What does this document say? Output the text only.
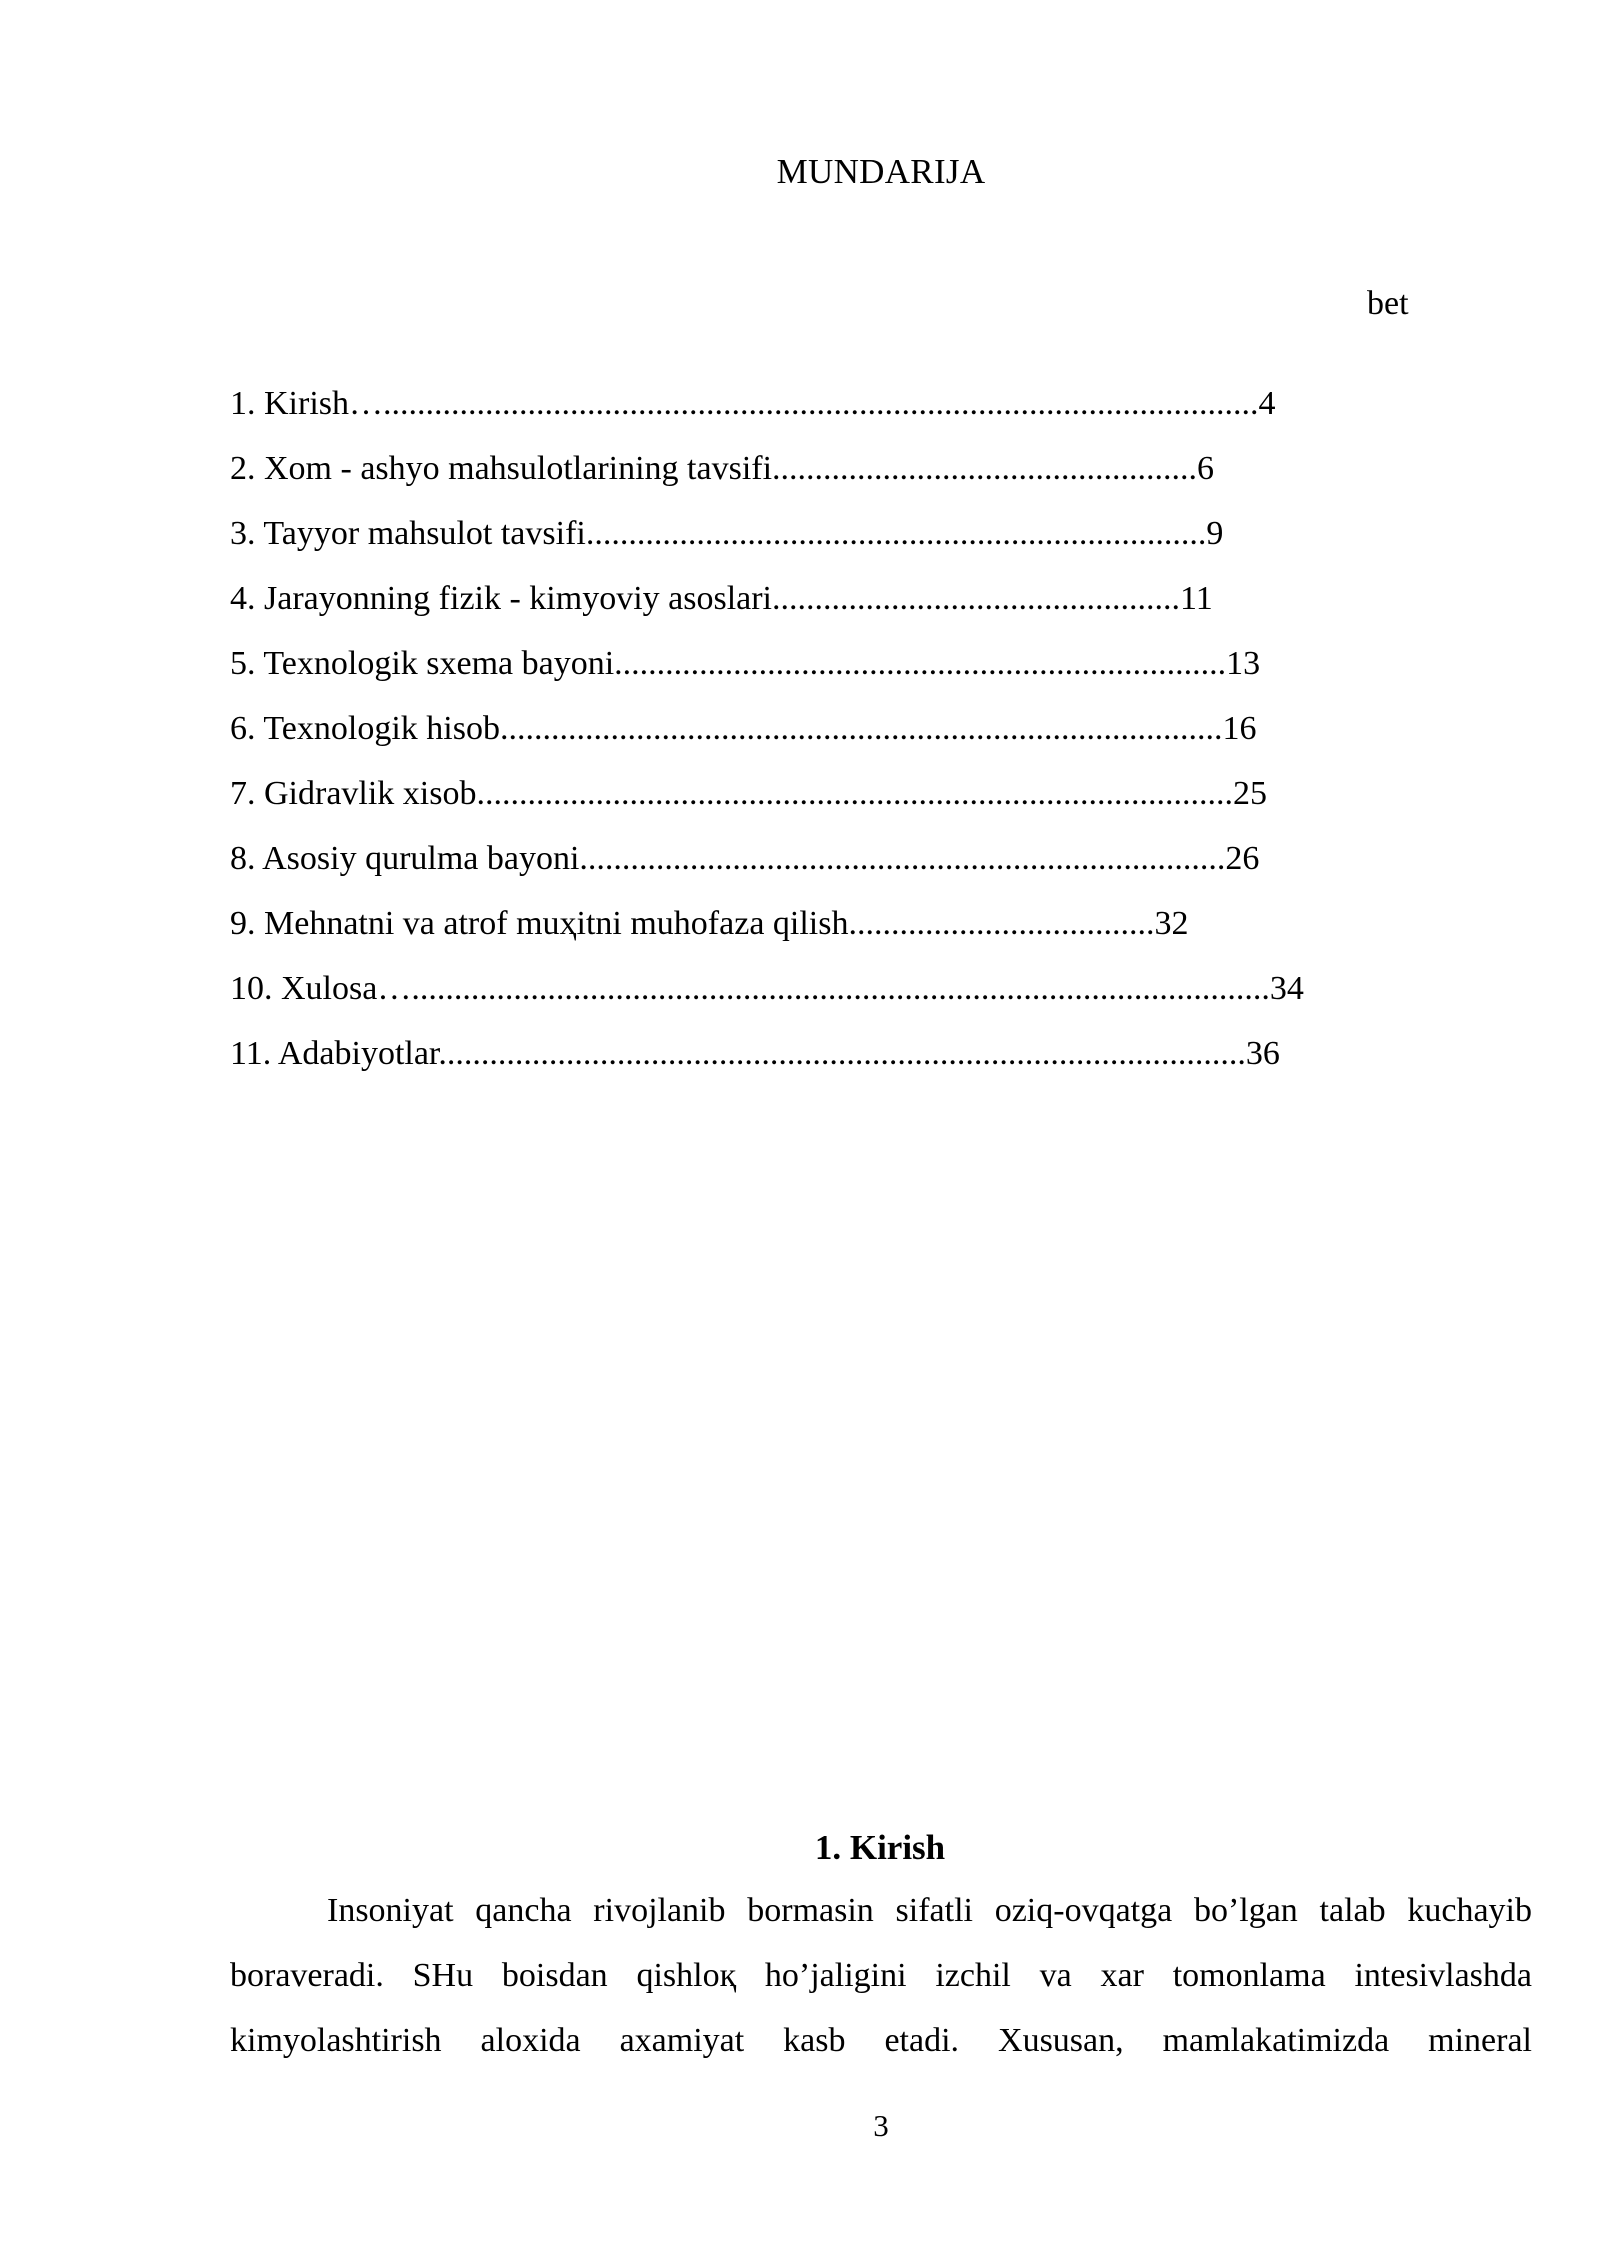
MUNDARIJA
bet
1. Kirish….......................................................................................................4
2. Xom - ashyo mahsulotlarining tavsifi..................................................6
3. Tayyor mahsulot tavsifi.........................................................................9
4. Jarayonning fizik - kimyoviy asoslari................................................11
5. Texnologik sxema bayoni........................................................................13
6. Texnologik hisob.....................................................................................16
7. Gidravlik xisob.........................................................................................25
8. Asosiy qurulma bayoni............................................................................26
9. Mehnatni va atrof muҳitni muhofaza qilish....................................32
10. Xulosa….....................................................................................................34
11. Adabiyotlar...............................................................................................36
1. Kirish
Insoniyat qancha rivojlanib bormasin sifatli oziq-ovqatga bo’lgan talab kuchayib
boraveradi. SHu boisdan qishloқ ho’jaligini izchil va xar tomonlama intesivlashda
kimyolashtirish aloxida axamiyat kasb etadi. Xususan, mamlakatimizda mineral
3
